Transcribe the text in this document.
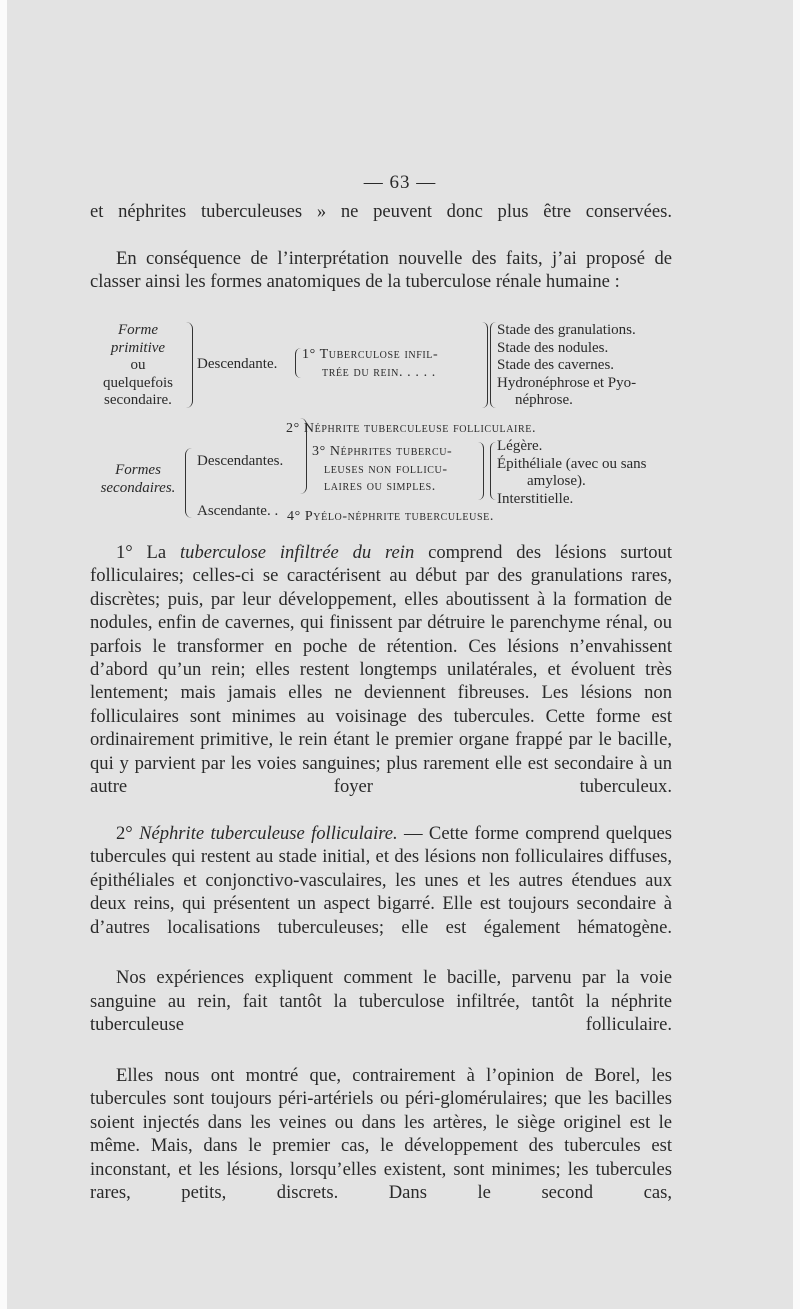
— 63 —

et néphrites tuberculeuses » ne peuvent donc plus être conservées.

En conséquence de l’interprétation nouvelle des faits, j’ai proposé de classer ainsi les formes anatomiques de la tuberculose rénale humaine :

Forme
primitive
ou
quelquefois
secondaire.
Descendante.
1° Tuberculose infil-
trée du rein. . . . .
Stade des granulations.
Stade des nodules.
Stade des cavernes.
Hydronéphrose et Pyo-
néphrose.
Formes
secondaires.
Descendantes.
Ascendante. .
2° Néphrite tuberculeuse folliculaire.
3° Néphrites tubercu-
leuses non follicu-
laires ou simples.
Légère.
Épithéliale (avec ou sans
amylose).
Interstitielle.
4° Pyélo-néphrite tuberculeuse.

1° La tuberculose infiltrée du rein comprend des lésions surtout folliculaires; celles-ci se caractérisent au début par des granulations rares, discrètes; puis, par leur développement, elles aboutissent à la formation de nodules, enfin de cavernes, qui finissent par détruire le parenchyme rénal, ou parfois le transformer en poche de rétention. Ces lésions n’envahissent d’abord qu’un rein; elles restent longtemps unilatérales, et évoluent très lentement; mais jamais elles ne deviennent fibreuses. Les lésions non folliculaires sont minimes au voisinage des tubercules. Cette forme est ordinairement primitive, le rein étant le premier organe frappé par le bacille, qui y parvient par les voies sanguines; plus rarement elle est secondaire à un autre foyer tuberculeux.

2° Néphrite tuberculeuse folliculaire. — Cette forme comprend quelques tubercules qui restent au stade initial, et des lésions non folliculaires diffuses, épithéliales et conjonctivo-vasculaires, les unes et les autres étendues aux deux reins, qui présentent un aspect bigarré. Elle est toujours secondaire à d’autres localisations tuberculeuses; elle est également hématogène.

Nos expériences expliquent comment le bacille, parvenu par la voie sanguine au rein, fait tantôt la tuberculose infiltrée, tantôt la néphrite tuberculeuse folliculaire.

Elles nous ont montré que, contrairement à l’opinion de Borel, les tubercules sont toujours péri-artériels ou péri-glomérulaires; que les bacilles soient injectés dans les veines ou dans les artères, le siège originel est le même. Mais, dans le premier cas, le développement des tubercules est inconstant, et les lésions, lorsqu’elles existent, sont minimes; les tubercules rares, petits, discrets. Dans le second cas,
